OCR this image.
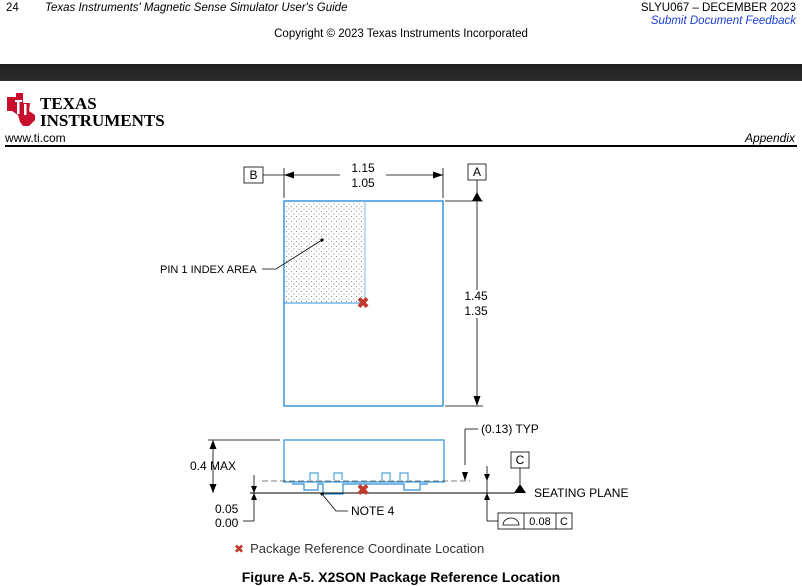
24 Texas Instruments' Magnetic Sense Simulator User's Guide	SLYU067 – DECEMBER 2023
Submit Document Feedback
Copyright © 2023 Texas Instruments Incorporated
TEXAS
INSTRUMENTS
www.ti.com	Appendix
B	1.15
1.05
✖
PIN 1 INDEX AREA
A
1.45
1.35
✖
0.4 MAX
0.05
0.00
NOTE 4
(0.13) TYP
C
SEATING PLANE
0.08 C
✖ Package Reference Coordinate Location
Figure A-5. X2SON Package Reference Location
